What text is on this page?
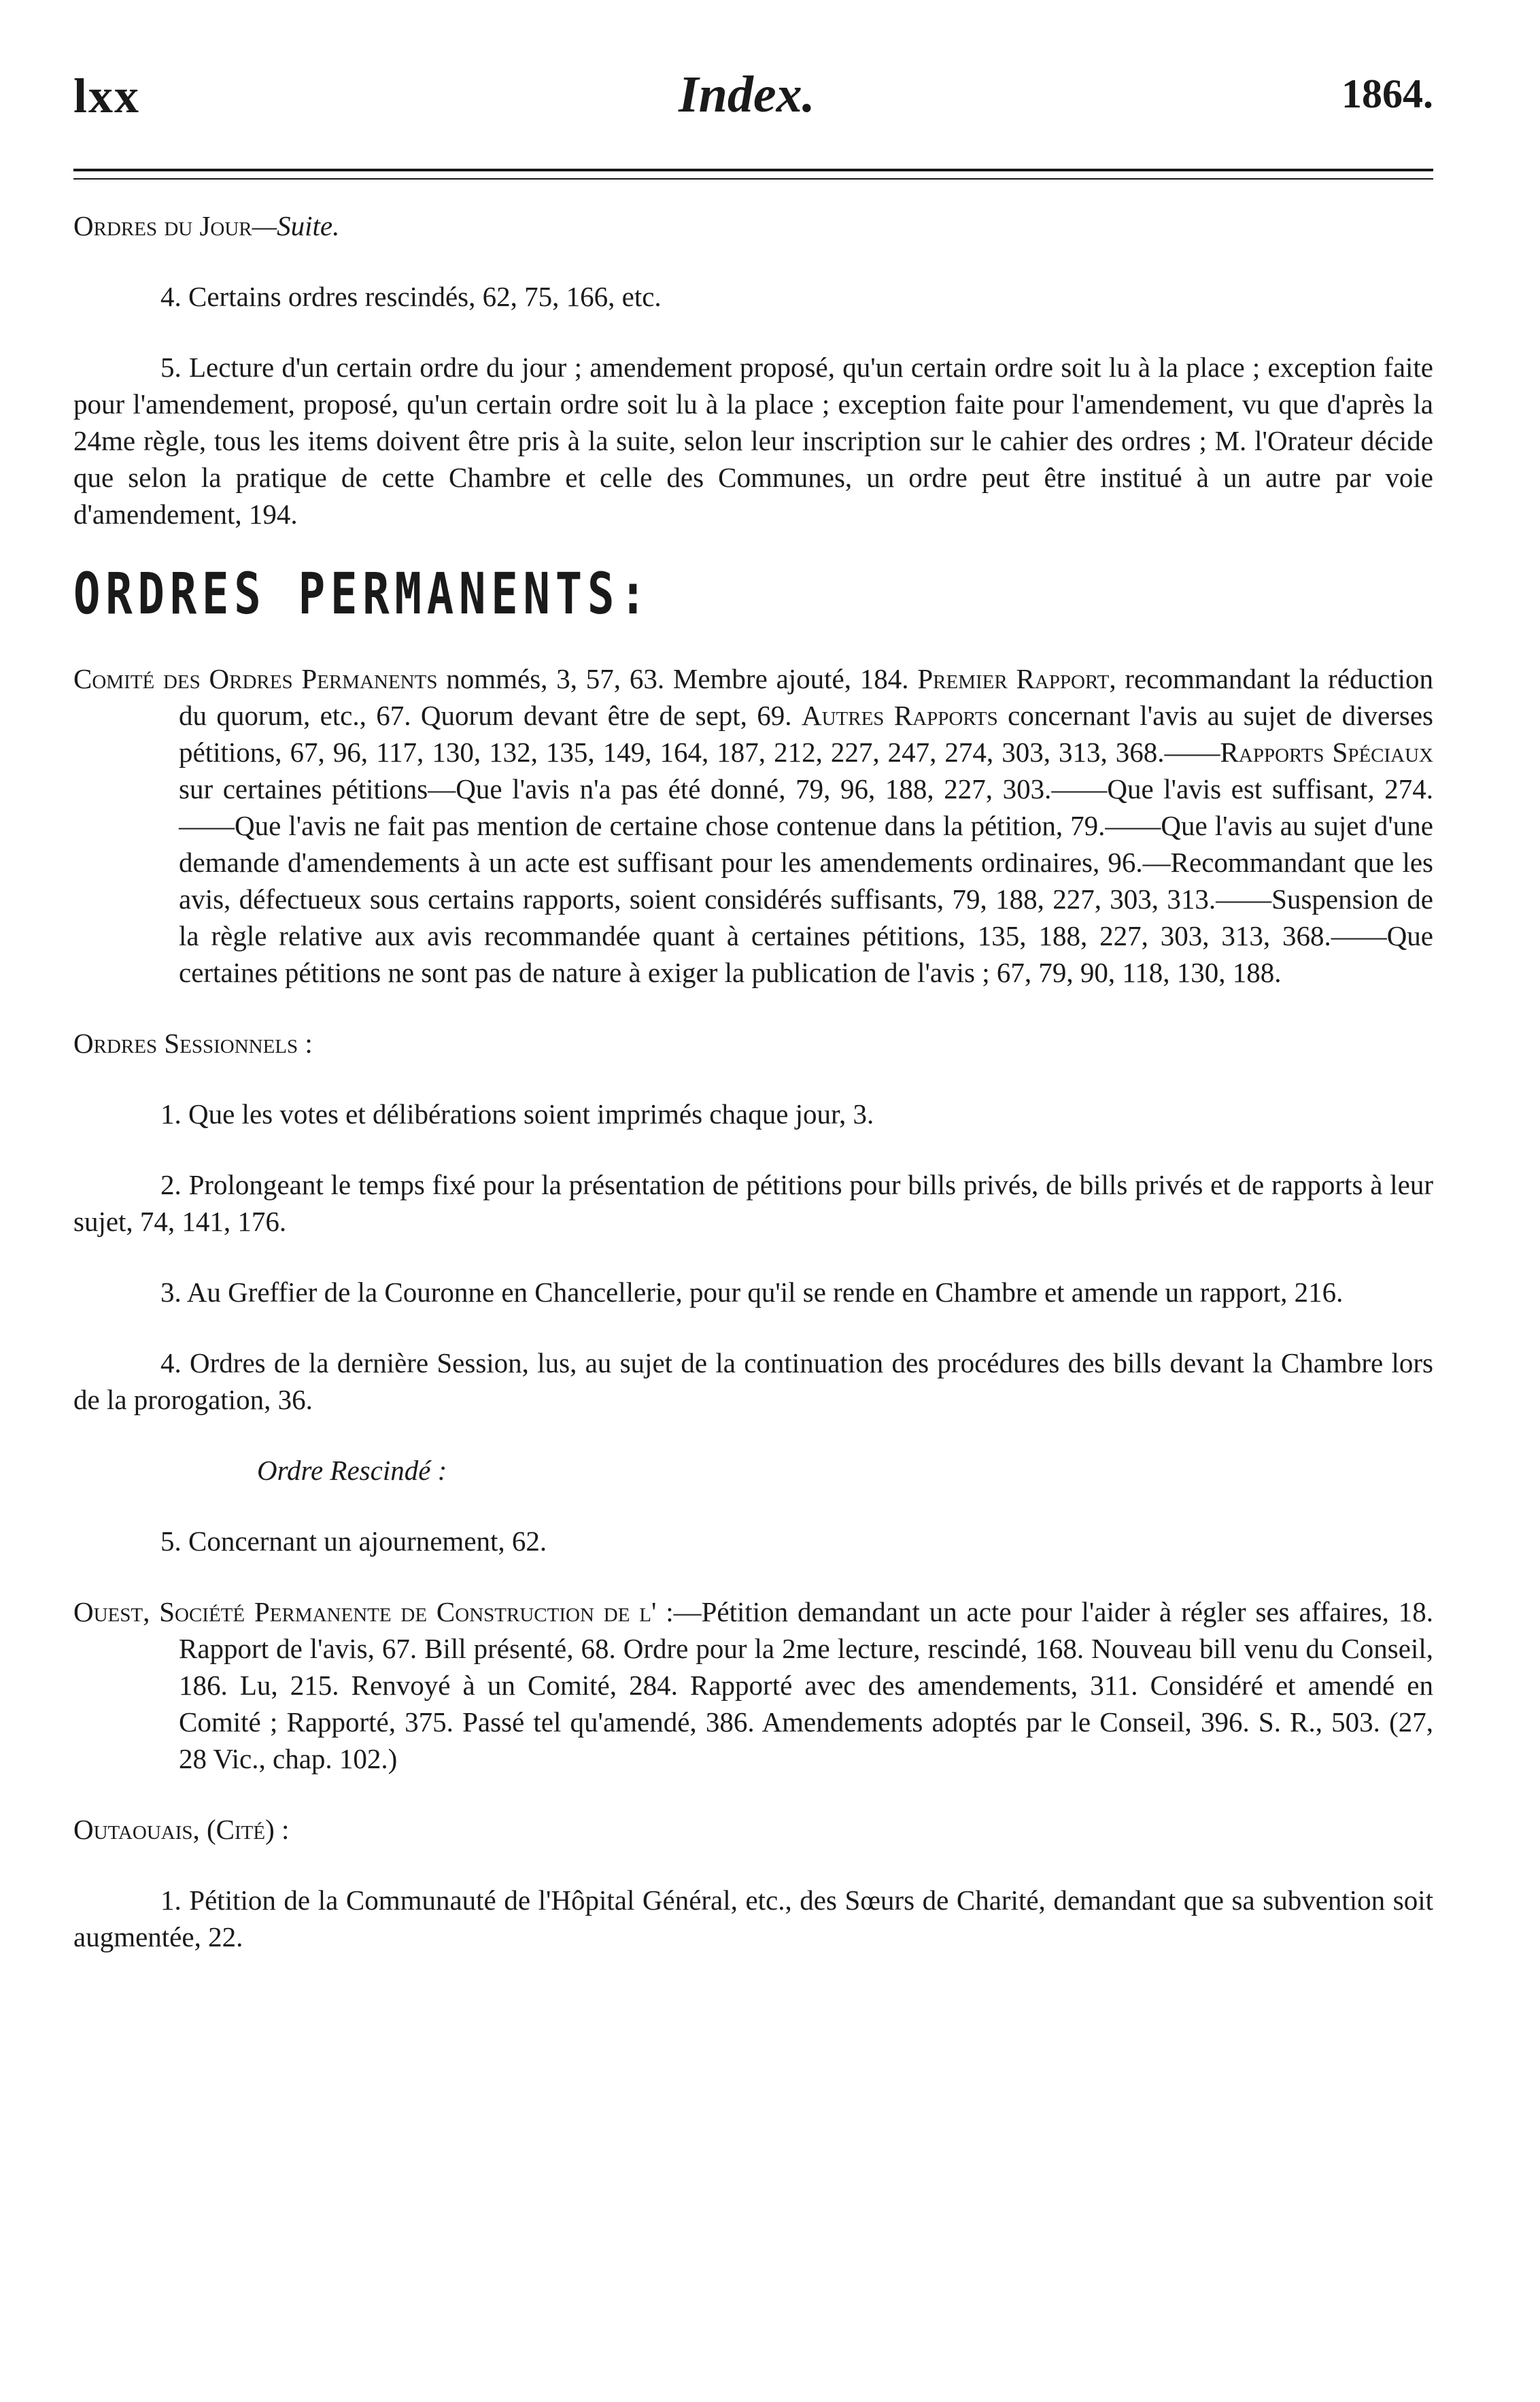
lxx	Index.	1864.
Ordres du Jour—Suite.
4. Certains ordres rescindés, 62, 75, 166, etc.
5. Lecture d'un certain ordre du jour ; amendement proposé, qu'un certain ordre soit lu à la place ; exception faite pour l'amendement, proposé, qu'un certain ordre soit lu à la place ; exception faite pour l'amendement, vu que d'après la 24me règle, tous les items doivent être pris à la suite, selon leur inscription sur le cahier des ordres ; M. l'Orateur décide que selon la pratique de cette Chambre et celle des Communes, un ordre peut être institué à un autre par voie d'amendement, 194.
ORDRES PERMANENTS:
Comité des Ordres Permanents nommés, 3, 57, 63. Membre ajouté, 184. Premier Rapport, recommandant la réduction du quorum, etc., 67. Quorum devant être de sept, 69. Autres Rapports concernant l'avis au sujet de diverses pétitions, 67, 96, 117, 130, 132, 135, 149, 164, 187, 212, 227, 247, 274, 303, 313, 368.——Rapports Spéciaux sur certaines pétitions—Que l'avis n'a pas été donné, 79, 96, 188, 227, 303.——Que l'avis est suffisant, 274.——Que l'avis ne fait pas mention de certaine chose contenue dans la pétition, 79.——Que l'avis au sujet d'une demande d'amendements à un acte est suffisant pour les amendements ordinaires, 96.—Recommandant que les avis, défectueux sous certains rapports, soient considérés suffisants, 79, 188, 227, 303, 313.——Suspension de la règle relative aux avis recommandée quant à certaines pétitions, 135, 188, 227, 303, 313, 368.——Que certaines pétitions ne sont pas de nature à exiger la publication de l'avis ; 67, 79, 90, 118, 130, 188.
Ordres Sessionnels :
1. Que les votes et délibérations soient imprimés chaque jour, 3.
2. Prolongeant le temps fixé pour la présentation de pétitions pour bills privés, de bills privés et de rapports à leur sujet, 74, 141, 176.
3. Au Greffier de la Couronne en Chancellerie, pour qu'il se rende en Chambre et amende un rapport, 216.
4. Ordres de la dernière Session, lus, au sujet de la continuation des procédures des bills devant la Chambre lors de la prorogation, 36.
Ordre Rescindé :
5. Concernant un ajournement, 62.
Ouest, Société Permanente de Construction de l' :—Pétition demandant un acte pour l'aider à régler ses affaires, 18. Rapport de l'avis, 67. Bill présenté, 68. Ordre pour la 2me lecture, rescindé, 168. Nouveau bill venu du Conseil, 186. Lu, 215. Renvoyé à un Comité, 284. Rapporté avec des amendements, 311. Considéré et amendé en Comité ; Rapporté, 375. Passé tel qu'amendé, 386. Amendements adoptés par le Conseil, 396. S. R., 503. (27, 28 Vic., chap. 102.)
Outaouais, (Cité) :
1. Pétition de la Communauté de l'Hôpital Général, etc., des Sœurs de Charité, demandant que sa subvention soit augmentée, 22.
